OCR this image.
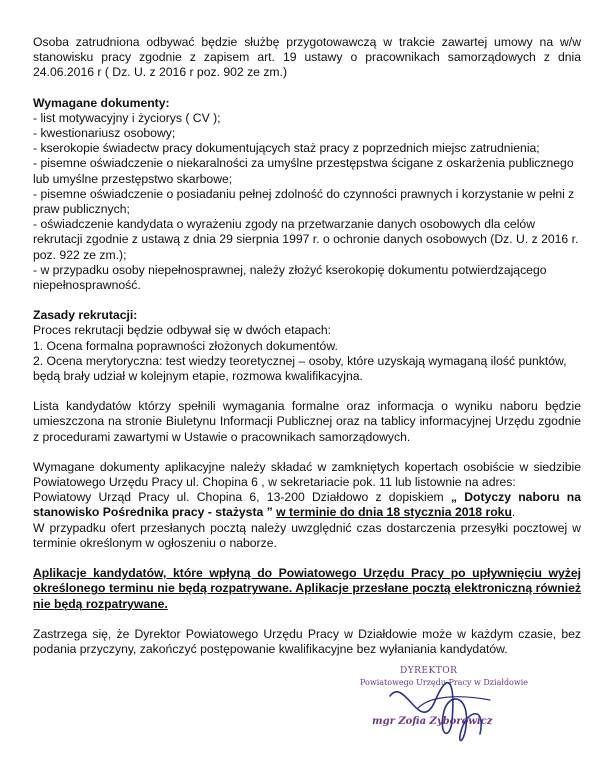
Osoba zatrudniona odbywać będzie służbę przygotowawczą w trakcie zawartej umowy na w/w stanowisku pracy zgodnie z zapisem art. 19 ustawy o pracownikach samorządowych z dnia 24.06.2016 r ( Dz. U. z 2016 r poz. 902 ze zm.)

Wymagane dokumenty:

- list motywacyjny i życiorys ( CV );
- kwestionariusz osobowy;
- kserokopie świadectw pracy dokumentujących staż pracy z poprzednich miejsc zatrudnienia;
- pisemne oświadczenie o niekaralności za umyślne przestępstwa ścigane z oskarżenia publicznego lub umyślne przestępstwo skarbowe;
- pisemne oświadczenie o posiadaniu pełnej zdolność do czynności prawnych i korzystanie w pełni z praw publicznych;
- oświadczenie kandydata o wyrażeniu zgody na przetwarzanie danych osobowych dla celów rekrutacji zgodnie z ustawą z dnia 29 sierpnia 1997 r. o ochronie danych osobowych (Dz. U. z 2016 r. poz. 922 ze zm.);
- w przypadku osoby niepełnosprawnej, należy złożyć kserokopię dokumentu potwierdzającego niepełnosprawność.

Zasady rekrutacji:

Proces rekrutacji będzie odbywał się w dwóch etapach:

1. Ocena formalna poprawności złożonych dokumentów.

2. Ocena merytoryczna: test wiedzy teoretycznej – osoby, które uzyskają wymaganą ilość punktów, będą brały udział w kolejnym etapie, rozmowa kwalifikacyjna.

Lista kandydatów którzy spełnili wymagania formalne oraz informacja o wyniku naboru będzie umieszczona na stronie Biuletynu Informacji Publicznej oraz na tablicy informacyjnej Urzędu zgodnie z procedurami zawartymi w Ustawie o pracownikach samorządowych.

Wymagane dokumenty aplikacyjne należy składać w zamkniętych kopertach osobiście w siedzibie Powiatowego Urzędu Pracy ul. Chopina 6 , w sekretariacie pok. 11 lub listownie na adres:

Powiatowy Urząd Pracy ul. Chopina 6, 13-200 Działdowo z dopiskiem „ Dotyczy naboru na stanowisko Pośrednika pracy - stażysta ” w terminie do dnia 18 stycznia 2018 roku.

W przypadku ofert przesłanych pocztą należy uwzględnić czas dostarczenia przesyłki pocztowej w terminie określonym w ogłoszeniu o naborze.

Aplikacje kandydatów, które wpłyną do Powiatowego Urzędu Pracy po upływnięciu wyżej określonego terminu nie będą rozpatrywane. Aplikacje przesłane pocztą elektroniczną również nie będą rozpatrywane.

Zastrzega się, że Dyrektor Powiatowego Urzędu Pracy w Działdowie może w każdym czasie, bez podania przyczyny, zakończyć postępowanie kwalifikacyjne bez wyłaniania kandydatów.

DYREKTOR
Powiatowego Urzędu Pracy w Działdowie
mgr Zofia Zyborowicz
